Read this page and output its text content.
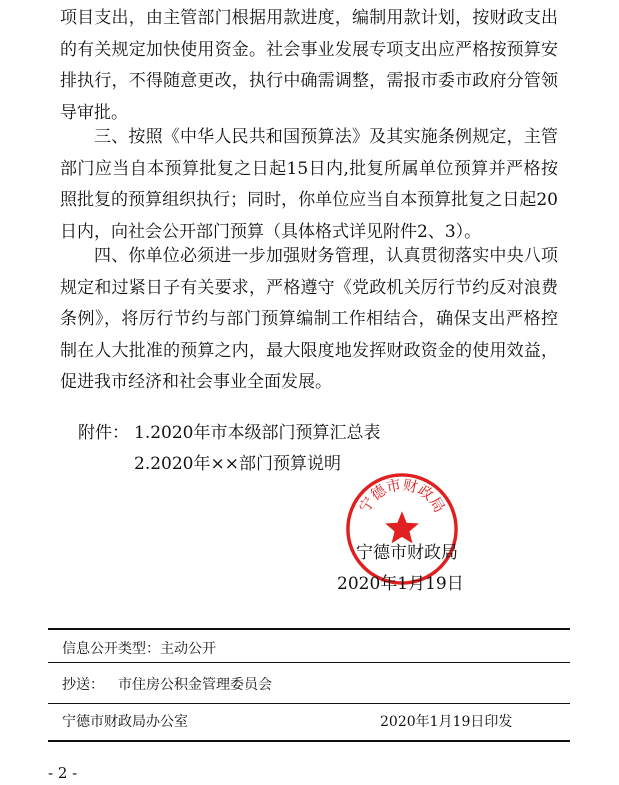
项目支出，由主管部门根据用款进度，编制用款计划，按财政支出的有关规定加快使用资金。社会事业发展专项支出应严格按预算安排执行，不得随意更改，执行中确需调整，需报市委市政府分管领导审批。

三、按照《中华人民共和国预算法》及其实施条例规定，主管部门应当自本预算批复之日起15日内,批复所属单位预算并严格按照批复的预算组织执行；同时，你单位应当自本预算批复之日起20日内，向社会公开部门预算（具体格式详见附件2、3）。

四、你单位必须进一步加强财务管理，认真贯彻落实中央八项规定和过紧日子有关要求，严格遵守《党政机关厉行节约反对浪费条例》，将厉行节约与部门预算编制工作相结合，确保支出严格控制在人大批准的预算之内，最大限度地发挥财政资金的使用效益，促进我市经济和社会事业全面发展。

附件： 1.2020年市本级部门预算汇总表
2.2020年××部门预算说明
宁德市财政局
宁德市财政局
2020年1月19日
信息公开类型：主动公开
抄送： 市住房公积金管理委员会
宁德市财政局办公室	2020年1月19日印发
- 2 -
